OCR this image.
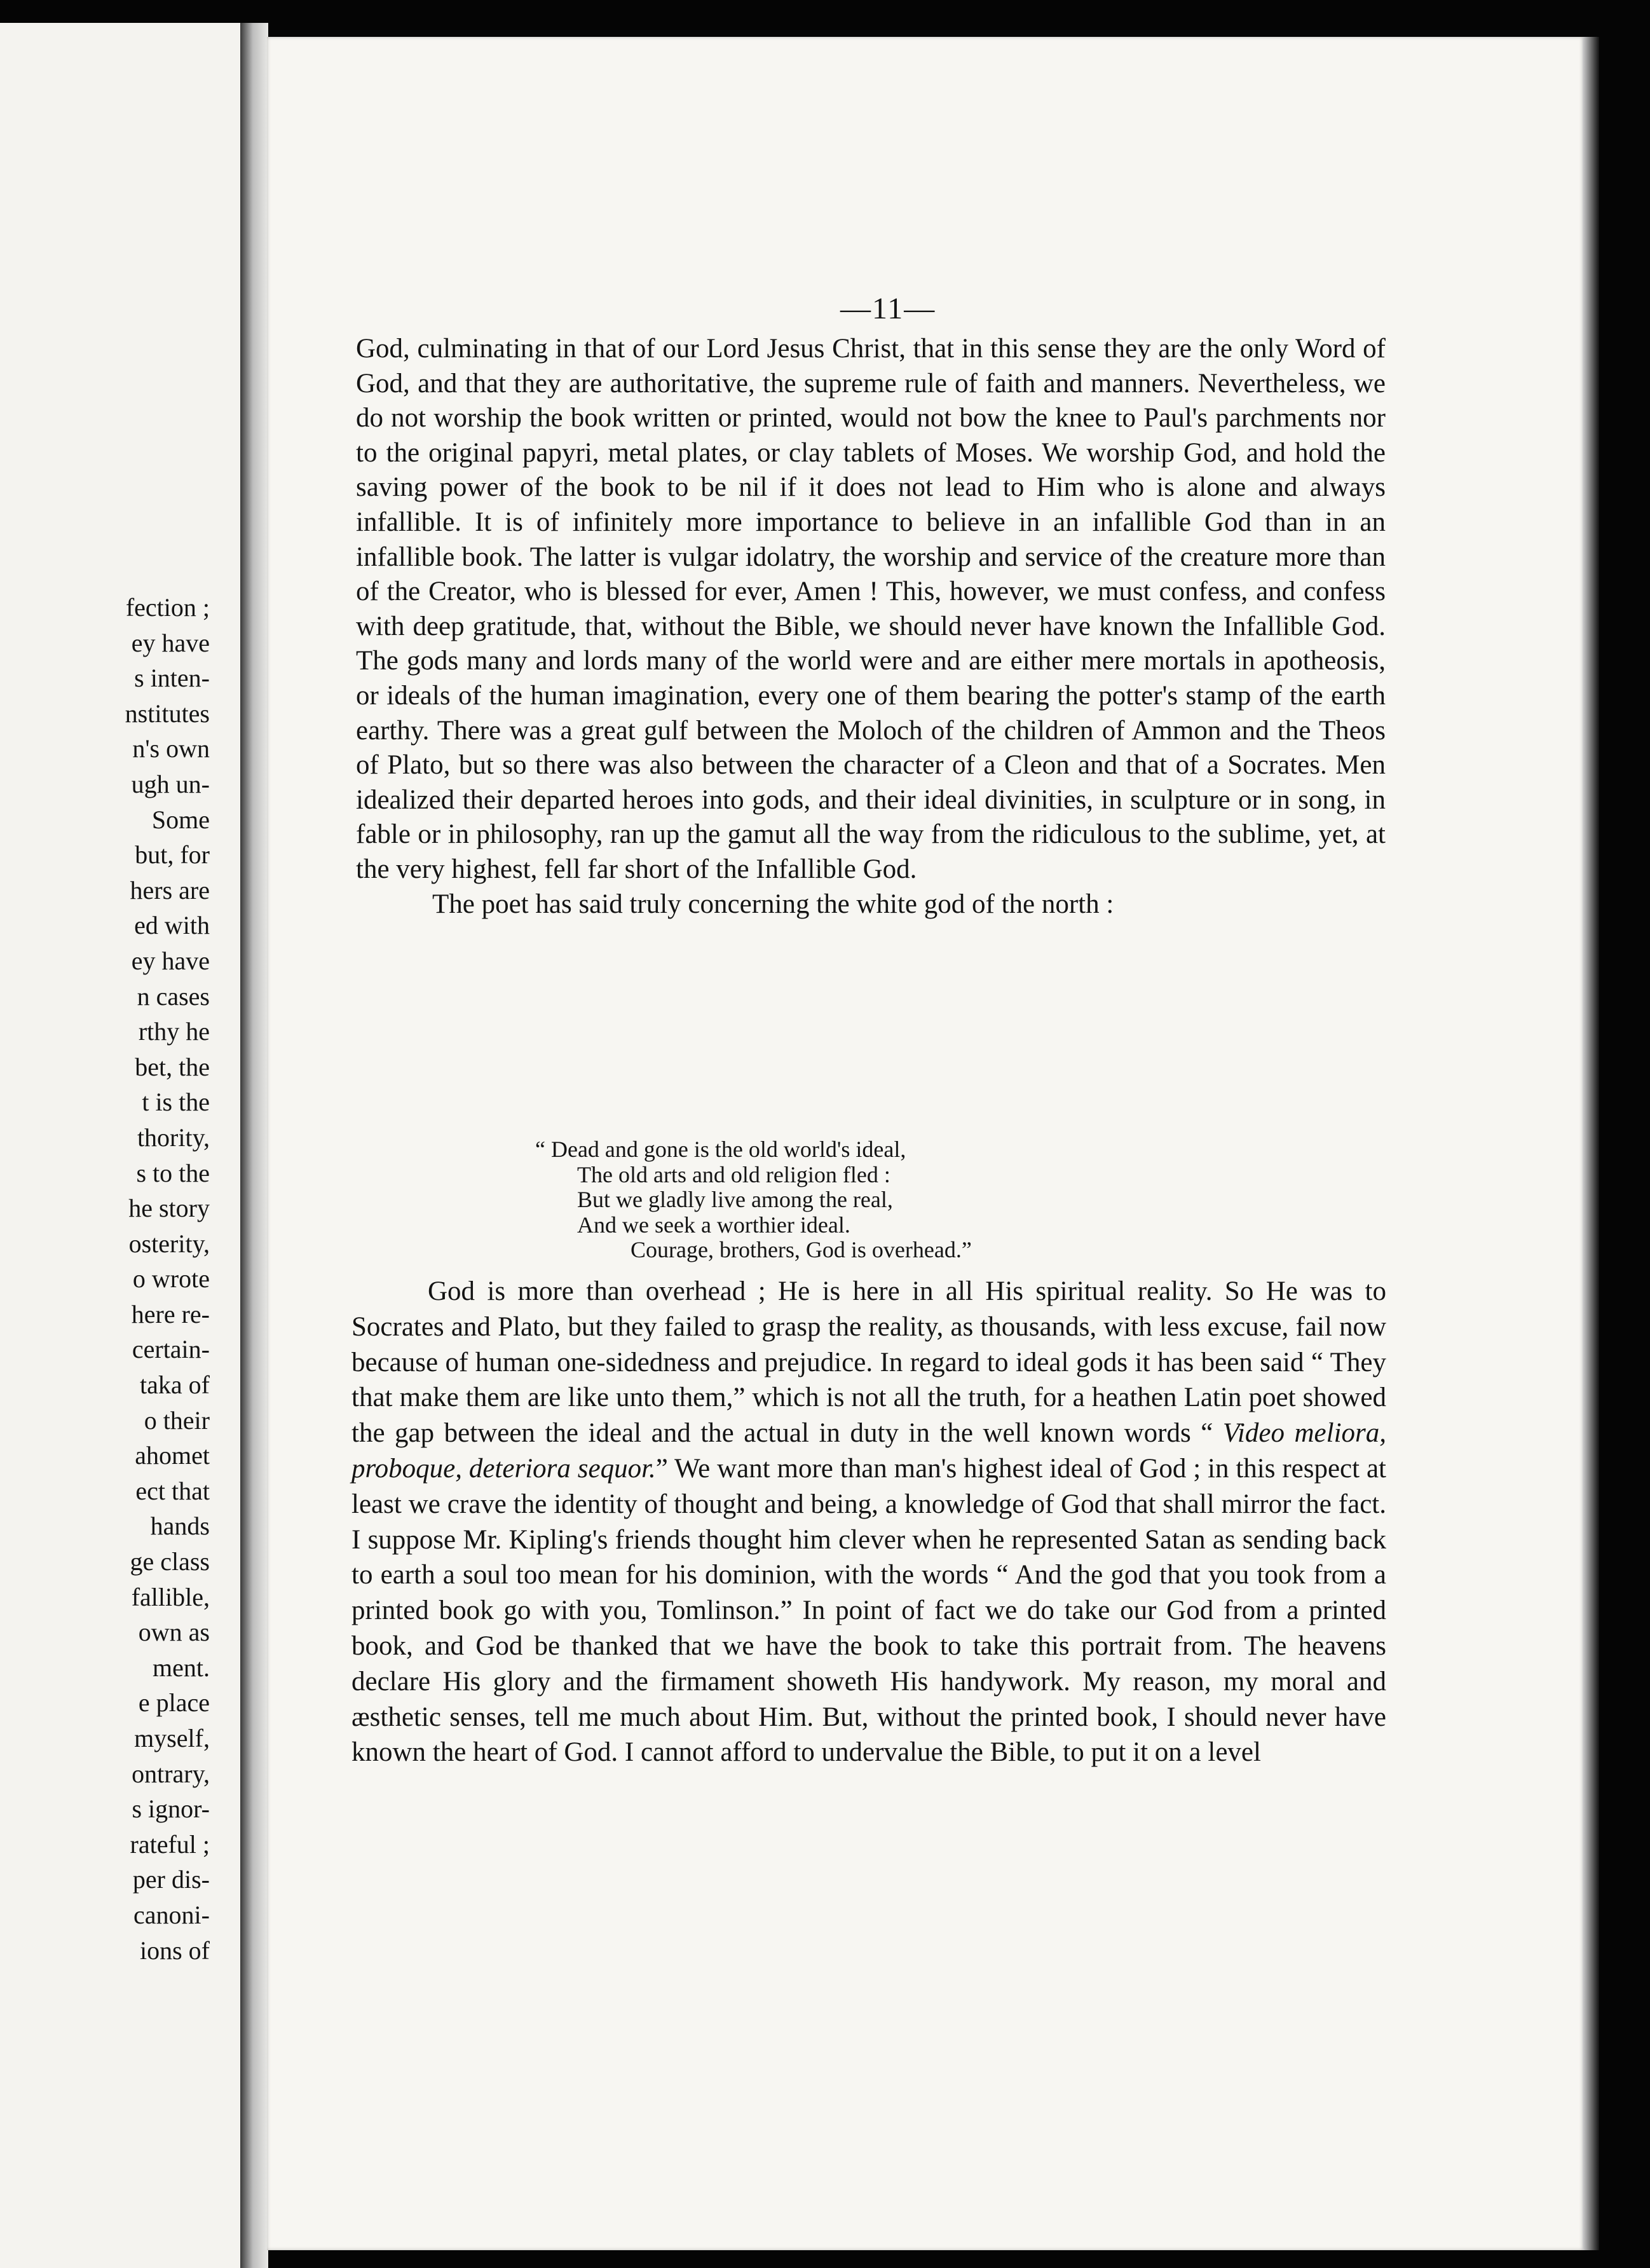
fection ;
ey have
s inten-
nstitutes
n's own
ugh un-
Some
but, for
hers are
ed with
ey have
n cases
rthy he
bet, the
t is the
thority,
s to the
he story
osterity,
o wrote
here re-
certain-
taka of
o their
ahomet
ect that
hands
ge class
fallible,
own as
ment.
e place
myself,
ontrary,
s ignor-
rateful ;
per dis-
canoni-
ions of
—11—

God, culminating in that of our Lord Jesus Christ, that in this sense they are the only Word of God, and that they are authoritative, the supreme rule of faith and manners. Nevertheless, we do not worship the book written or printed, would not bow the knee to Paul's parchments nor to the original papyri, metal plates, or clay tablets of Moses. We worship God, and hold the saving power of the book to be nil if it does not lead to Him who is alone and always infallible. It is of infinitely more importance to believe in an infallible God than in an infallible book. The latter is vulgar idolatry, the worship and service of the creature more than of the Creator, who is blessed for ever, Amen ! This, however, we must confess, and confess with deep gratitude, that, without the Bible, we should never have known the Infallible God. The gods many and lords many of the world were and are either mere mortals in apotheosis, or ideals of the human imagination, every one of them bearing the potter's stamp of the earth earthy. There was a great gulf between the Moloch of the children of Ammon and the Theos of Plato, but so there was also between the character of a Cleon and that of a Socrates. Men idealized their departed heroes into gods, and their ideal divinities, in sculpture or in song, in fable or in philosophy, ran up the gamut all the way from the ridiculous to the sublime, yet, at the very highest, fell far short of the Infallible God.

The poet has said truly concerning the white god of the north :

“ Dead and gone is the old world's ideal,
The old arts and old religion fled :
But we gladly live among the real,
And we seek a worthier ideal.
Courage, brothers, God is overhead.”

God is more than overhead ; He is here in all His spiritual reality. So He was to Socrates and Plato, but they failed to grasp the reality, as thousands, with less excuse, fail now because of human one-sidedness and prejudice. In regard to ideal gods it has been said “ They that make them are like unto them,” which is not all the truth, for a heathen Latin poet showed the gap between the ideal and the actual in duty in the well known words “ Video meliora, proboque, deteriora sequor.” We want more than man's highest ideal of God ; in this respect at least we crave the identity of thought and being, a knowledge of God that shall mirror the fact. I suppose Mr. Kipling's friends thought him clever when he represented Satan as sending back to earth a soul too mean for his dominion, with the words “ And the god that you took from a printed book go with you, Tomlinson.” In point of fact we do take our God from a printed book, and God be thanked that we have the book to take this portrait from. The heavens declare His glory and the firmament showeth His handywork. My reason, my moral and æsthetic senses, tell me much about Him. But, without the printed book, I should never have known the heart of God. I cannot afford to undervalue the Bible, to put it on a level
